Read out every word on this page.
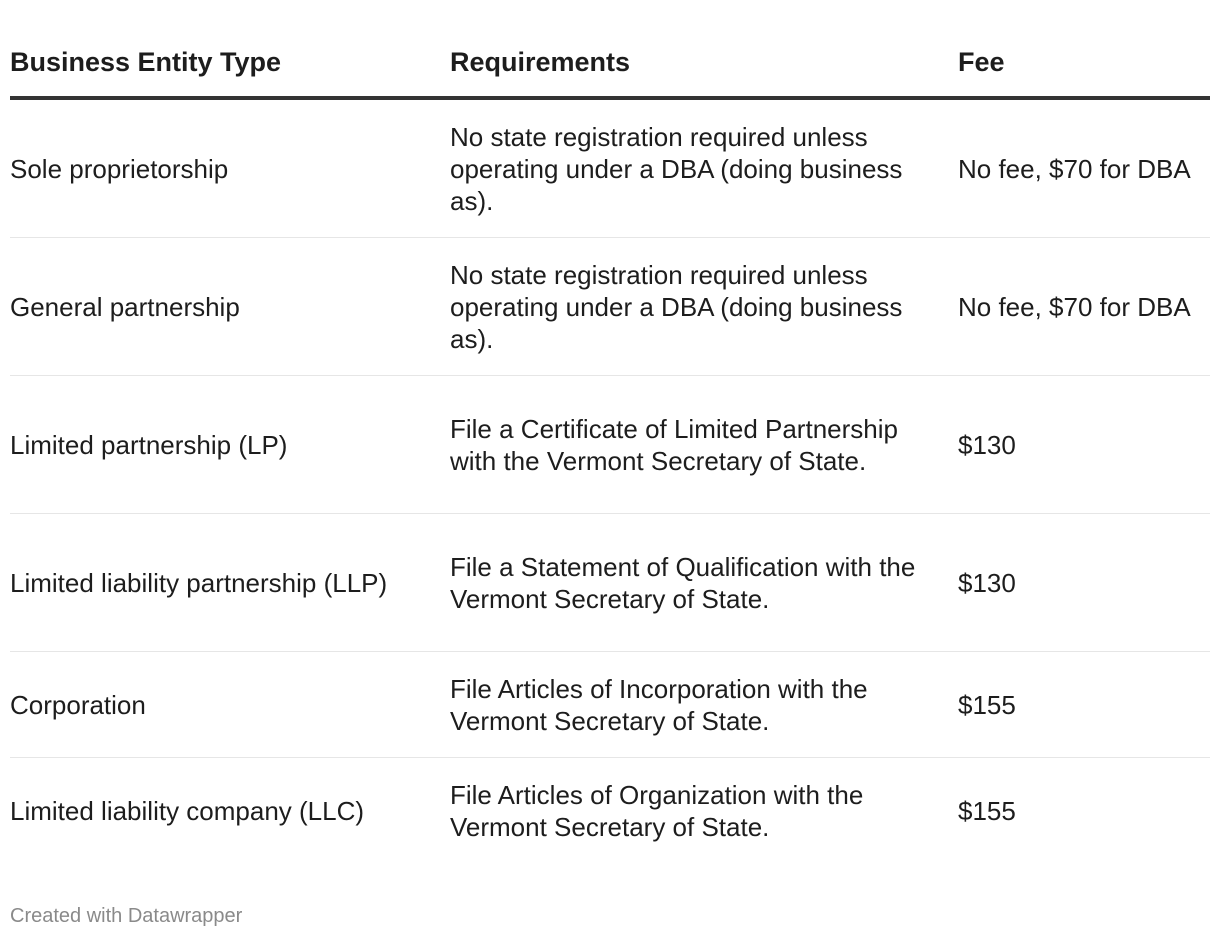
Business Entity Type	Requirements	Fee
Sole proprietorship	No state registration required unless operating under a DBA (doing business as).	No fee, $70 for DBA
General partnership	No state registration required unless operating under a DBA (doing business as).	No fee, $70 for DBA
Limited partnership (LP)	File a Certificate of Limited Partnership with the Vermont Secretary of State.	$130
Limited liability partnership (LLP)	File a Statement of Qualification with the Vermont Secretary of State.	$130
Corporation	File Articles of Incorporation with the Vermont Secretary of State.	$155
Limited liability company (LLC)	File Articles of Organization with the Vermont Secretary of State.	$155
Created with Datawrapper
